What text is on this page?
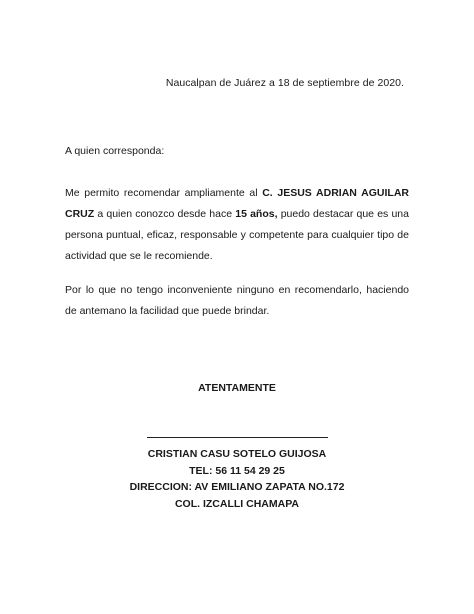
Naucalpan de Juárez a 18 de septiembre de 2020.
A quien corresponda:
Me permito recomendar ampliamente al C. JESUS ADRIAN AGUILAR CRUZ a quien conozco desde hace 15 años, puedo destacar que es una persona puntual, eficaz, responsable y competente para cualquier tipo de actividad que se le recomiende.
Por lo que no tengo inconveniente ninguno en recomendarlo, haciendo de antemano la facilidad que puede brindar.
ATENTAMENTE
CRISTIAN CASU SOTELO GUIJOSA
TEL: 56 11 54 29 25
DIRECCION: AV EMILIANO ZAPATA NO.172
COL. IZCALLI CHAMAPA
